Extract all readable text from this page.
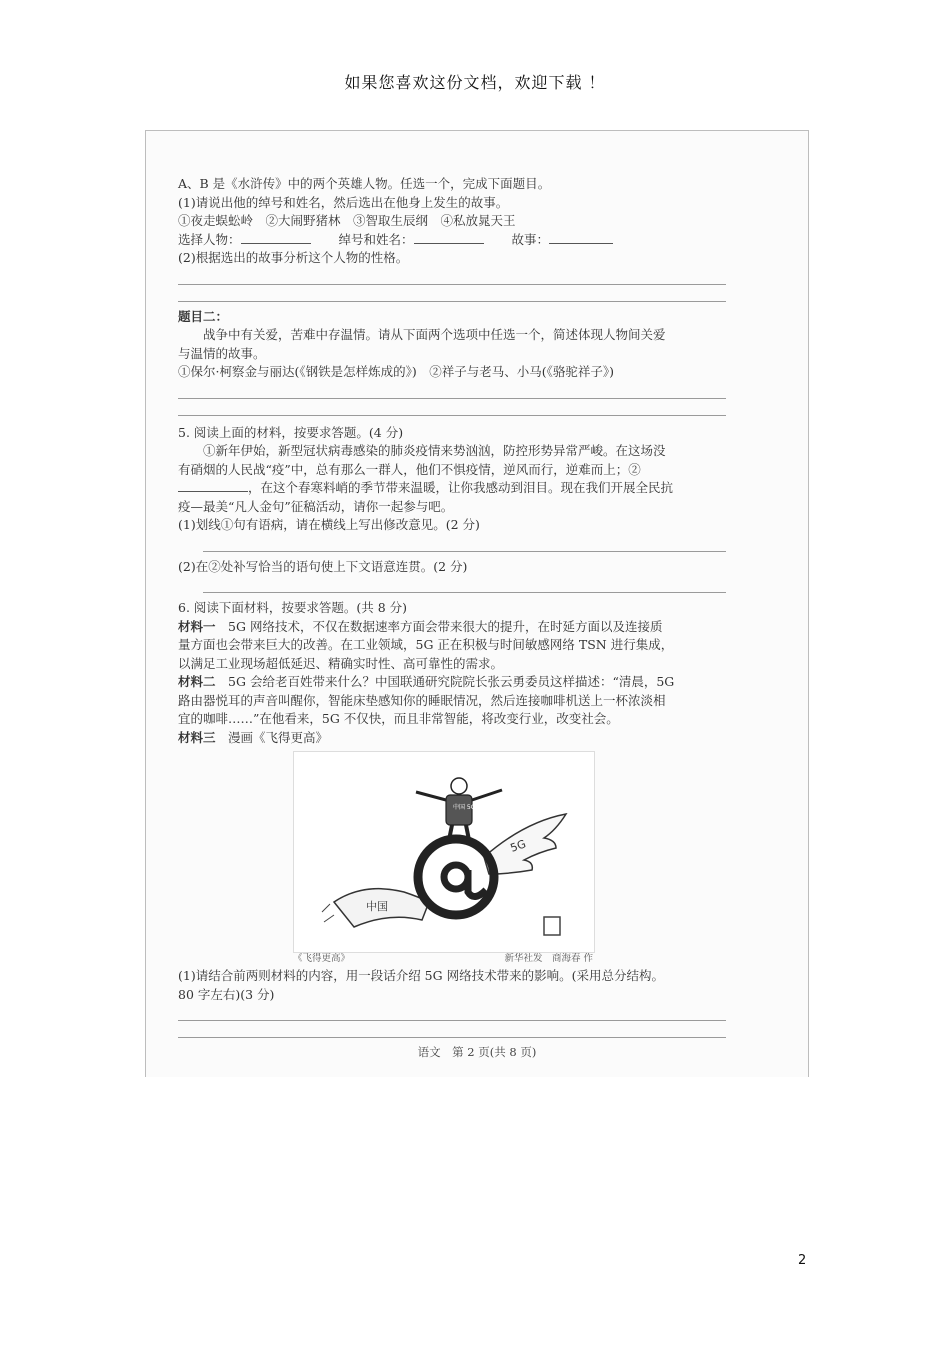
如果您喜欢这份文档，欢迎下载 ！

A、B 是《水浒传》中的两个英雄人物。任选一个，完成下面题目。
(1)请说出他的绰号和姓名，然后选出在他身上发生的故事。
①夜走蜈蚣岭　②大闹野猪林　③智取生辰纲　④私放晁天王
选择人物：	绰号和姓名：	故事：
(2)根据选出的故事分析这个人物的性格。
题目二：
战争中有关爱，苦难中存温情。请从下面两个选项中任选一个，简述体现人物间关爱
与温情的故事。
①保尔·柯察金与丽达(《钢铁是怎样炼成的》)　②祥子与老马、小马(《骆驼祥子》)
5. 阅读上面的材料，按要求答题。(4 分)
①新年伊始，新型冠状病毒感染的肺炎疫情来势汹汹，防控形势异常严峻。在这场没
有硝烟的人民战“疫”中，总有那么一群人，他们不惧疫情，逆风而行，逆难而上；②
，在这个春寒料峭的季节带来温暖，让你我感动到泪目。现在我们开展全民抗
疫—最美“凡人金句”征稿活动，请你一起参与吧。
(1)划线①句有语病，请在横线上写出修改意见。(2 分)
(2)在②处补写恰当的语句使上下文语意连贯。(2 分)
6. 阅读下面材料，按要求答题。(共 8 分)
材料一　 5G 网络技术，不仅在数据速率方面会带来很大的提升，在时延方面以及连接质
量方面也会带来巨大的改善。在工业领域，5G 正在积极与时间敏感网络 TSN 进行集成，
以满足工业现场超低延迟、精确实时性、高可靠性的需求。
材料二　 5G 会给老百姓带来什么？中国联通研究院院长张云勇委员这样描述：“清晨，5G
路由器悦耳的声音叫醒你，智能床垫感知你的睡眠情况，然后连接咖啡机送上一杯浓淡相
宜的咖啡……”在他看来，5G 不仅快，而且非常智能，将改变行业，改变社会。
材料三　 漫画《飞得更高》
中国
5G
中国 5G
《飞得更高》	新华社发　商海春 作
(1)请结合前两则材料的内容，用一段话介绍 5G 网络技术带来的影响。(采用总分结构。
80 字左右)(3 分)
语文　第 2 页(共 8 页)
2
